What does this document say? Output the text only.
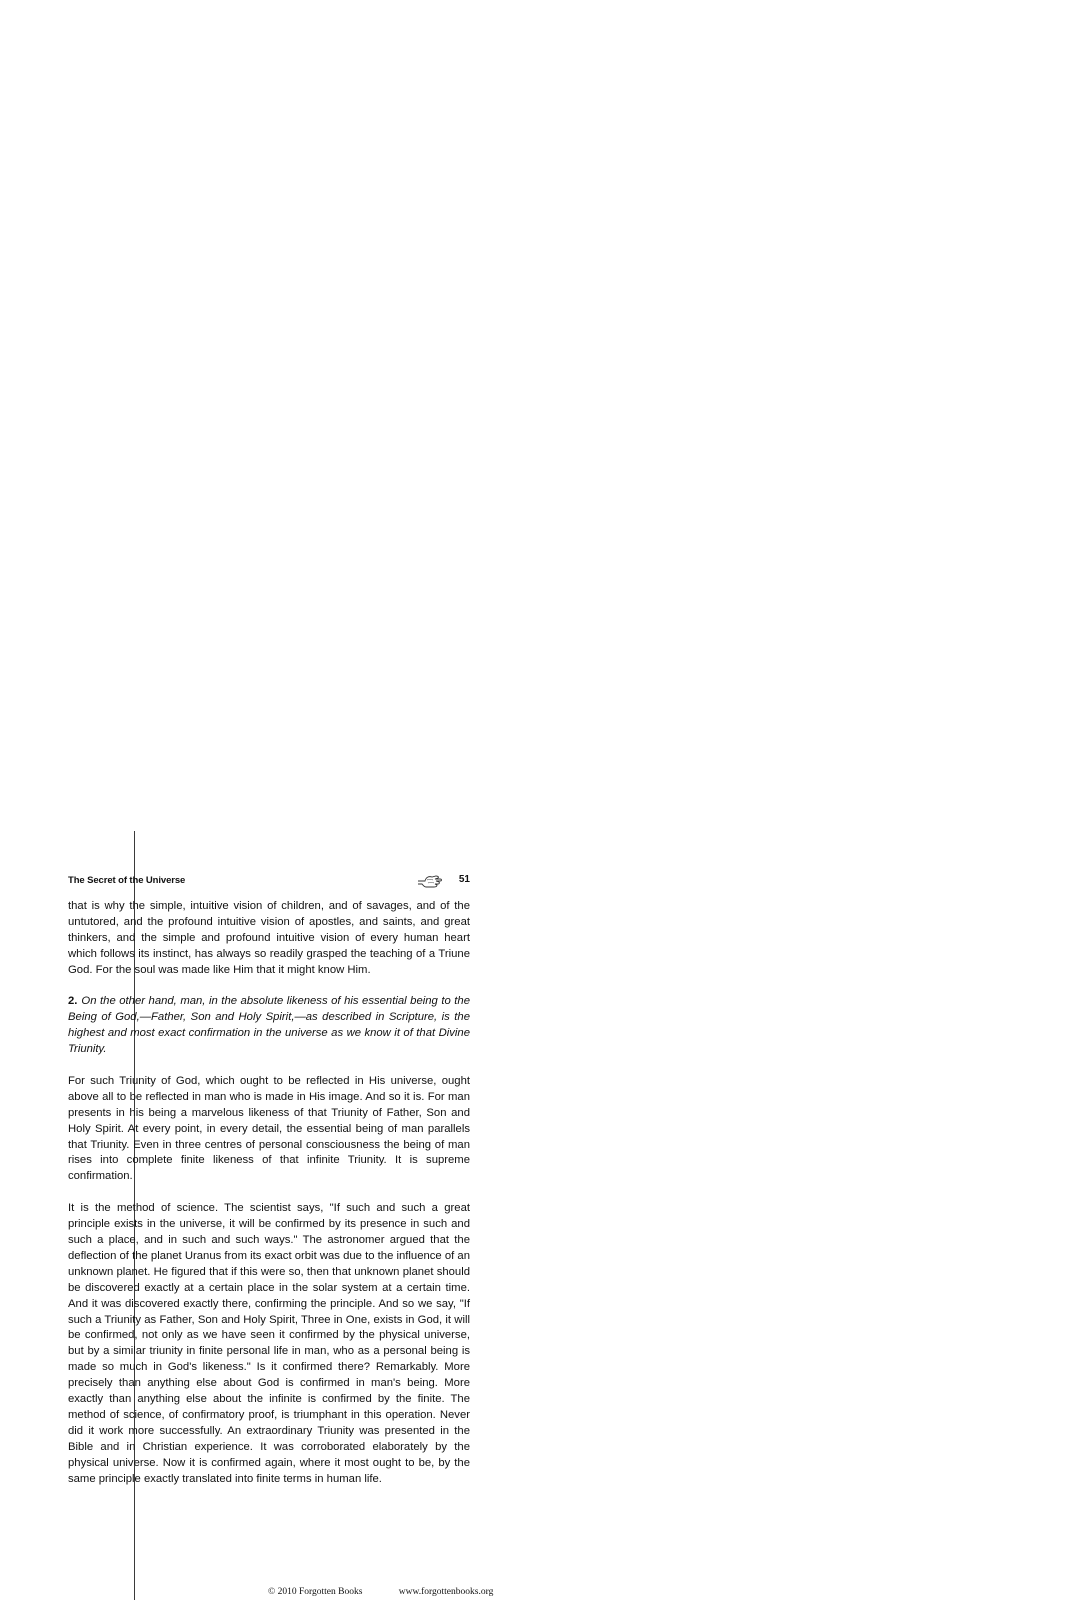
The Secret of the Universe	51

that is why the simple, intuitive vision of children, and of savages, and of the untutored, and the profound intuitive vision of apostles, and saints, and great thinkers, and the simple and profound intuitive vision of every human heart which follows its instinct, has always so readily grasped the teaching of a Triune God. For the soul was made like Him that it might know Him.

2. On the other hand, man, in the absolute likeness of his essential being to the Being of God,—Father, Son and Holy Spirit,—as described in Scripture, is the highest and most exact confirmation in the universe as we know it of that Divine Triunity.

For such Triunity of God, which ought to be reflected in His universe, ought above all to be reflected in man who is made in His image. And so it is. For man presents in his being a marvelous likeness of that Triunity of Father, Son and Holy Spirit. At every point, in every detail, the essential being of man parallels that Triunity. Even in three centres of personal consciousness the being of man rises into complete finite likeness of that infinite Triunity. It is supreme confirmation.

It is the method of science. The scientist says, "If such and such a great principle exists in the universe, it will be confirmed by its presence in such and such a place, and in such and such ways." The astronomer argued that the deflection of the planet Uranus from its exact orbit was due to the influence of an unknown planet. He figured that if this were so, then that unknown planet should be discovered exactly at a certain place in the solar system at a certain time. And it was discovered exactly there, confirming the principle. And so we say, "If such a Triunity as Father, Son and Holy Spirit, Three in One, exists in God, it will be confirmed, not only as we have seen it confirmed by the physical universe, but by a similar triunity in finite personal life in man, who as a personal being is made so much in God's likeness." Is it confirmed there? Remarkably. More precisely than anything else about God is confirmed in man's being. More exactly than anything else about the infinite is confirmed by the finite. The method of science, of confirmatory proof, is triumphant in this operation. Never did it work more successfully. An extraordinary Triunity was presented in the Bible and in Christian experience. It was corroborated elaborately by the physical universe. Now it is confirmed again, where it most ought to be, by the same principle exactly translated into finite terms in human life.

© 2010 Forgotten Books	www.forgottenbooks.org
